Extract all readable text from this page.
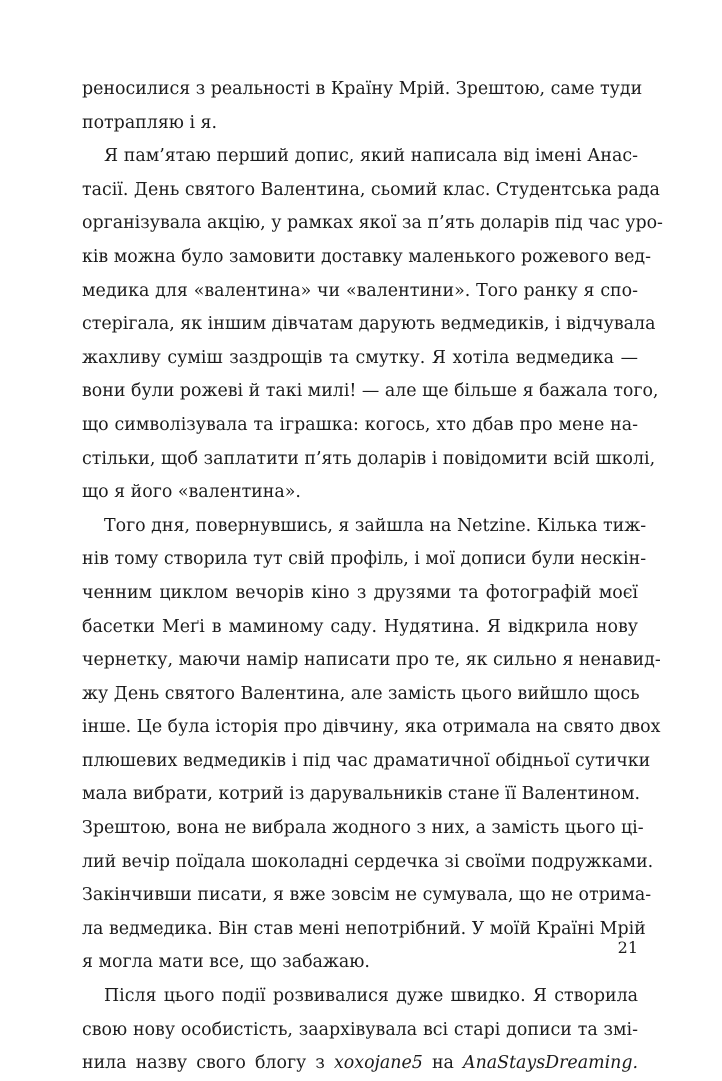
реносилися з реальності в Країну Мрій. Зрештою, саме туди
потрапляю і я.
Я пам’ятаю перший допис, який написала від імені Анас-
тасії. День святого Валентина, сьомий клас. Студентська рада
організувала акцію, у рамках якої за п’ять доларів під час уро-
ків можна було замовити доставку маленького рожевого вед-
медика для «валентина» чи «валентини». Того ранку я спо-
стерігала, як іншим дівчатам дарують ведмедиків, і відчувала
жахливу суміш заздрощів та смутку. Я хотіла ведмедика —
вони були рожеві й такі милі! — але ще більше я бажала того,
що символізувала та іграшка: когось, хто дбав про мене на-
стільки, щоб заплатити п’ять доларів і повідомити всій школі,
що я його «валентина».
Того дня, повернувшись, я зайшла на Netzine. Кілька тиж-
нів тому створила тут свій профіль, і мої дописи були нескін-
ченним циклом вечорів кіно з друзями та фотографій моєї
басетки Меґі в маминому саду. Нудятина. Я відкрила нову
чернетку, маючи намір написати про те, як сильно я ненавид-
жу День святого Валентина, але замість цього вийшло щось
інше. Це була історія про дівчину, яка отримала на свято двох
плюшевих ведмедиків і під час драматичної обідньої сутички
мала вибрати, котрий із дарувальників стане її Валентином.
Зрештою, вона не вибрала жодного з них, а замість цього ці-
лий вечір поїдала шоколадні сердечка зі своїми подружками.
Закінчивши писати, я вже зовсім не сумувала, що не отрима-
ла ведмедика. Він став мені непотрібний. У моїй Країні Мрій
я могла мати все, що забажаю.
Після цього події розвивалися дуже швидко. Я створила
свою нову особистість, заархівувала всі старі дописи та змі-
нила назву свого блогу з xoxojane5 на AnaStaysDreaming.
21
